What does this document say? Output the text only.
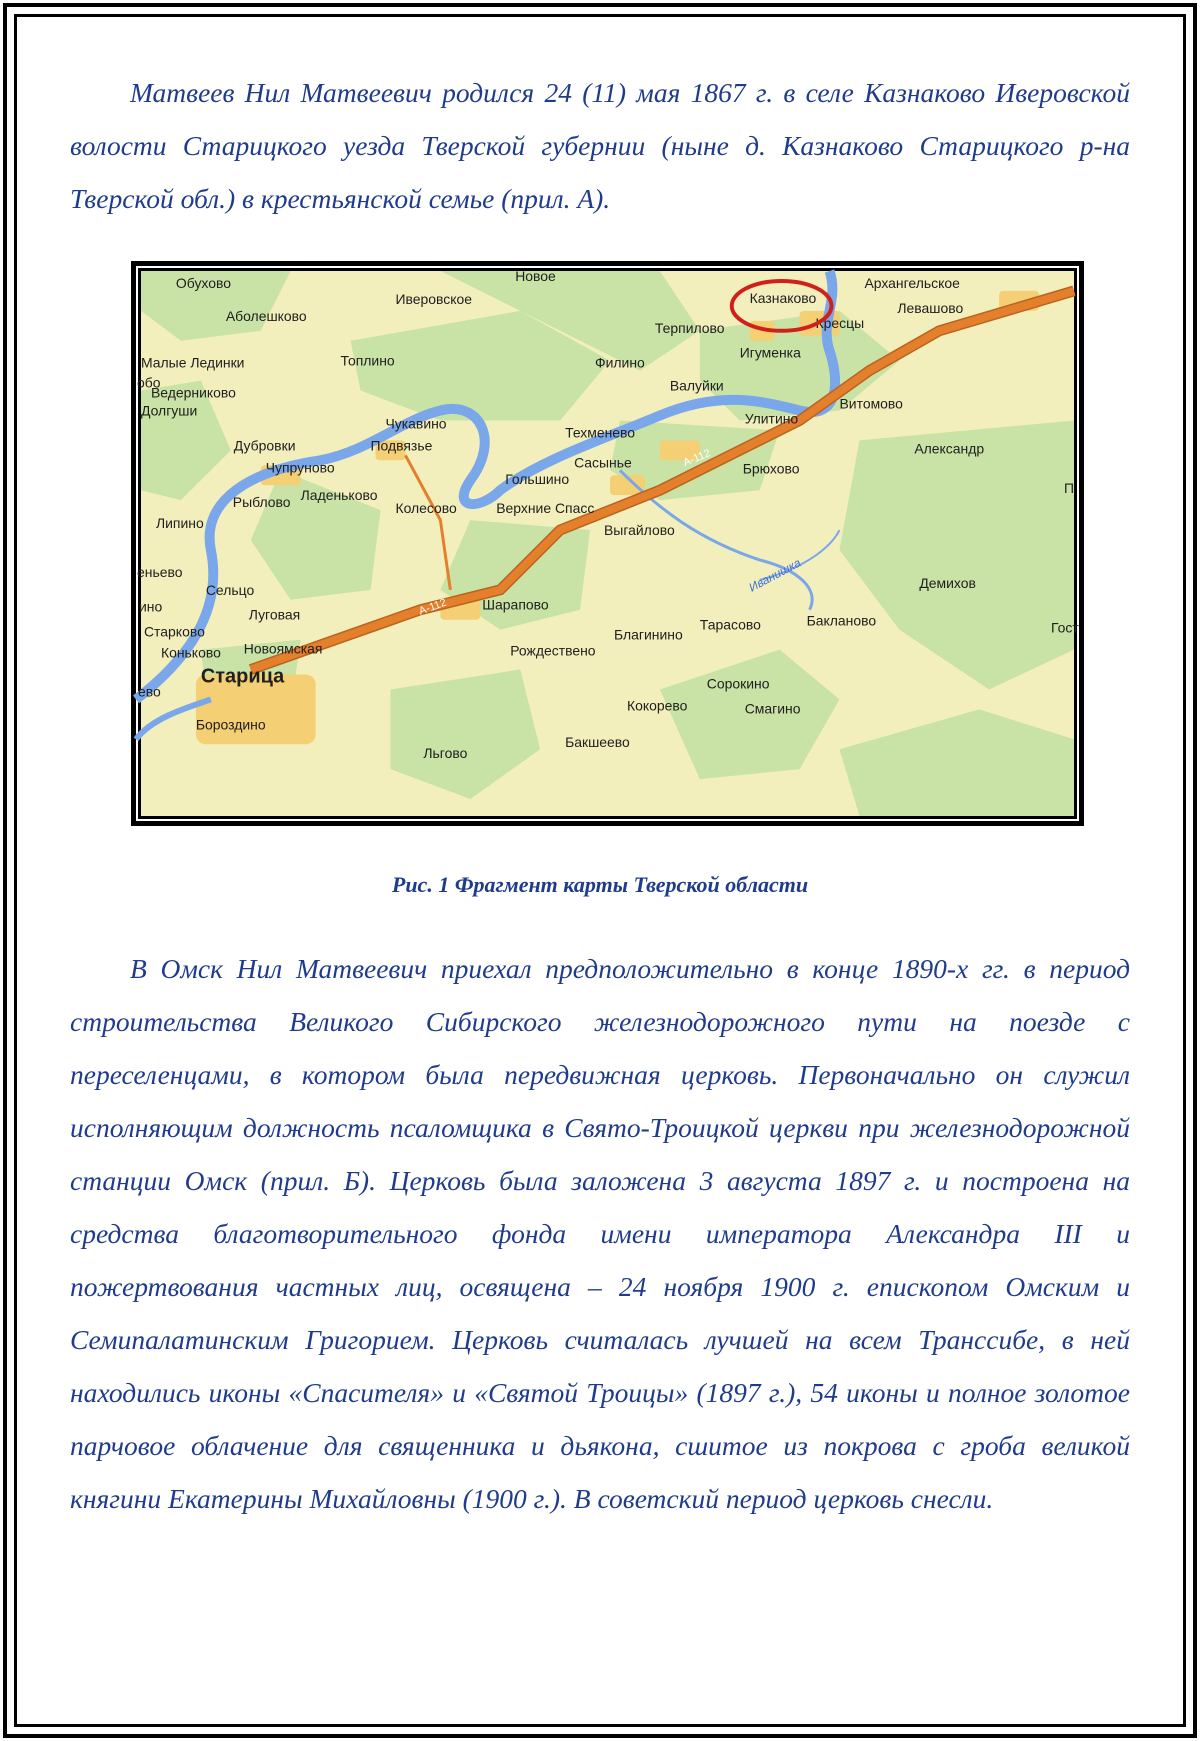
Матвеев Нил Матвеевич родился 24 (11) мая 1867 г. в селе Казнаково Иверовской волости Старицкого уезда Тверской губернии (ныне д. Казнаково Старицкого р-на Тверской обл.) в крестьянской семье (прил. А).

А-112
А-112
Иванишка
Обухово
Аболешково
Иверовское
Новое
Казнаково
Архангельское
Левашово
Кресцы
Терпилово
Игуменка
Малые Лединки
обо
Ведерниково
Долгуши
Топлино	Филино
Валуйки
Улитино
Витомово
Чукавино
Подвязье
Дубровки
Чупруново
Техменево
Сасынье	Брюхово
Александр
П
Рыблово Ладеньково
Гольшино
Колесово	Верхние Спасс
Липино	Выгайлово
еньево
Сельцо	Демихов
ино	Луговая
Шарапово
Старково	Благинино
Тарасово	Бакланово	Гост
Коньково Новоямская	Рождествено
Старица
ево	Сорокино
Кокорево	Смагино
Бороздино
Бакшеево
Льгово

Рис. 1 Фрагмент карты Тверской области

В Омск Нил Матвеевич приехал предположительно в конце 1890-х гг. в период строительства Великого Сибирского железнодорожного пути на поезде с переселенцами, в котором была передвижная церковь. Первоначально он служил исполняющим должность псаломщика в Свято-Троицкой церкви при железнодорожной станции Омск (прил. Б). Церковь была заложена 3 августа 1897 г. и построена на средства благотворительного фонда имени императора Александра III и пожертвования частных лиц, освящена – 24 ноября 1900 г. епископом Омским и Семипалатинским Григорием. Церковь считалась лучшей на всем Транссибе, в ней находились иконы «Спасителя» и «Святой Троицы» (1897 г.), 54 иконы и полное золотое парчовое облачение для священника и дьякона, сшитое из покрова с гроба великой княгини Екатерины Михайловны (1900 г.). В советский период церковь снесли.
